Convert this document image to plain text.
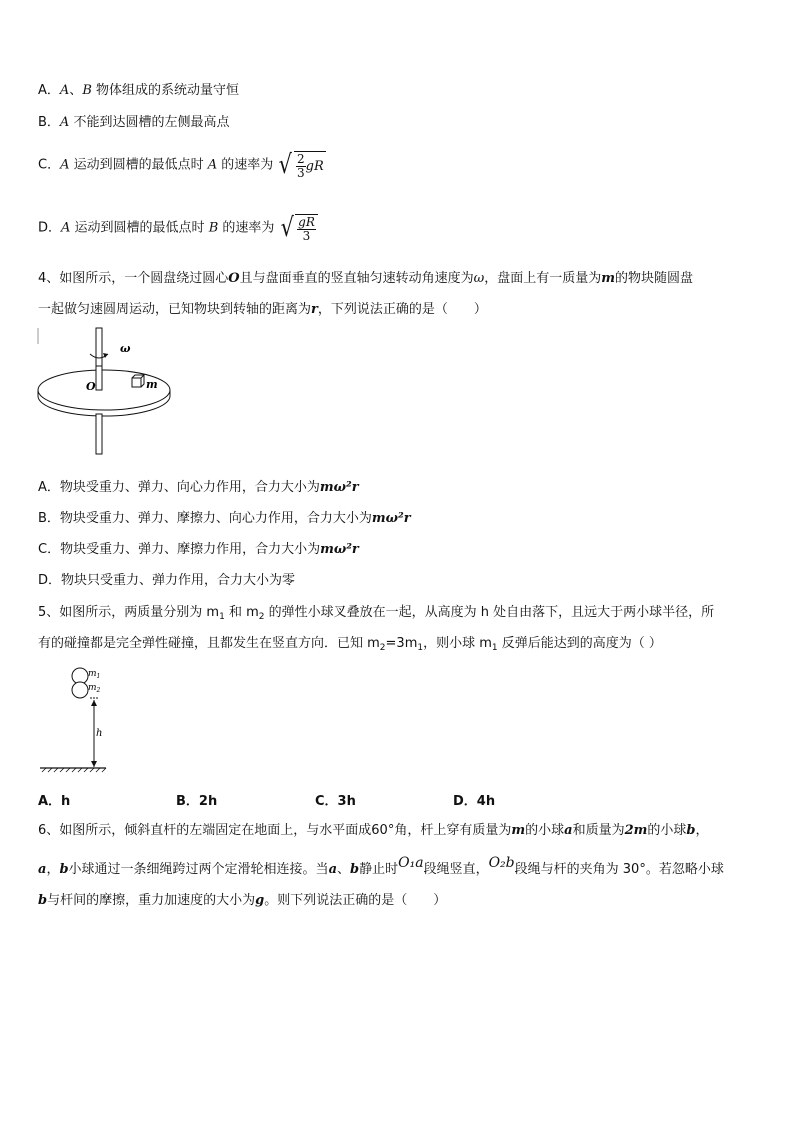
A．A、B 物体组成的系统动量守恒
B．A 不能到达圆槽的左侧最高点
C．A 运动到圆槽的最低点时 A 的速率为 √ $\frac{2}{3}$ gR
D．A 运动到圆槽的最低点时 B 的速率为 √ $\frac{gR}{3}$
4、如图所示，一个圆盘绕过圆心O且与盘面垂直的竖直轴匀速转动角速度为ω，盘面上有一质量为m的物块随圆盘
一起做匀速圆周运动，已知物块到转轴的距离为r，下列说法正确的是（　　）
ω
O	m
A．物块受重力、弹力、向心力作用，合力大小为mω²r
B．物块受重力、弹力、摩擦力、向心力作用，合力大小为mω²r
C．物块受重力、弹力、摩擦力作用，合力大小为mω²r
D．物块只受重力、弹力作用，合力大小为零
5、如图所示，两质量分别为 $m_1$ 和 $m_2$ 的弹性小球叉叠放在一起，从高度为 h 处自由落下，且远大于两小球半径，所
有的碰撞都是完全弹性碰撞，且都发生在竖直方向．已知 $m_2=3m_1$，则小球 $m_1$ 反弹后能达到的高度为（ ）
$m_1$
$m_2$
h
A．h	B．2h	C．3h	D．4h
6、如图所示，倾斜直杆的左端固定在地面上，与水平面成60°角，杆上穿有质量为m的小球a和质量为2m的小球b，
a，b小球通过一条细绳跨过两个定滑轮相连接。当a、b静止时O₁a段绳竖直，O₂b段绳与杆的夹角为 30°。若忽略小球
b与杆间的摩擦，重力加速度的大小为g。则下列说法正确的是（　　）
